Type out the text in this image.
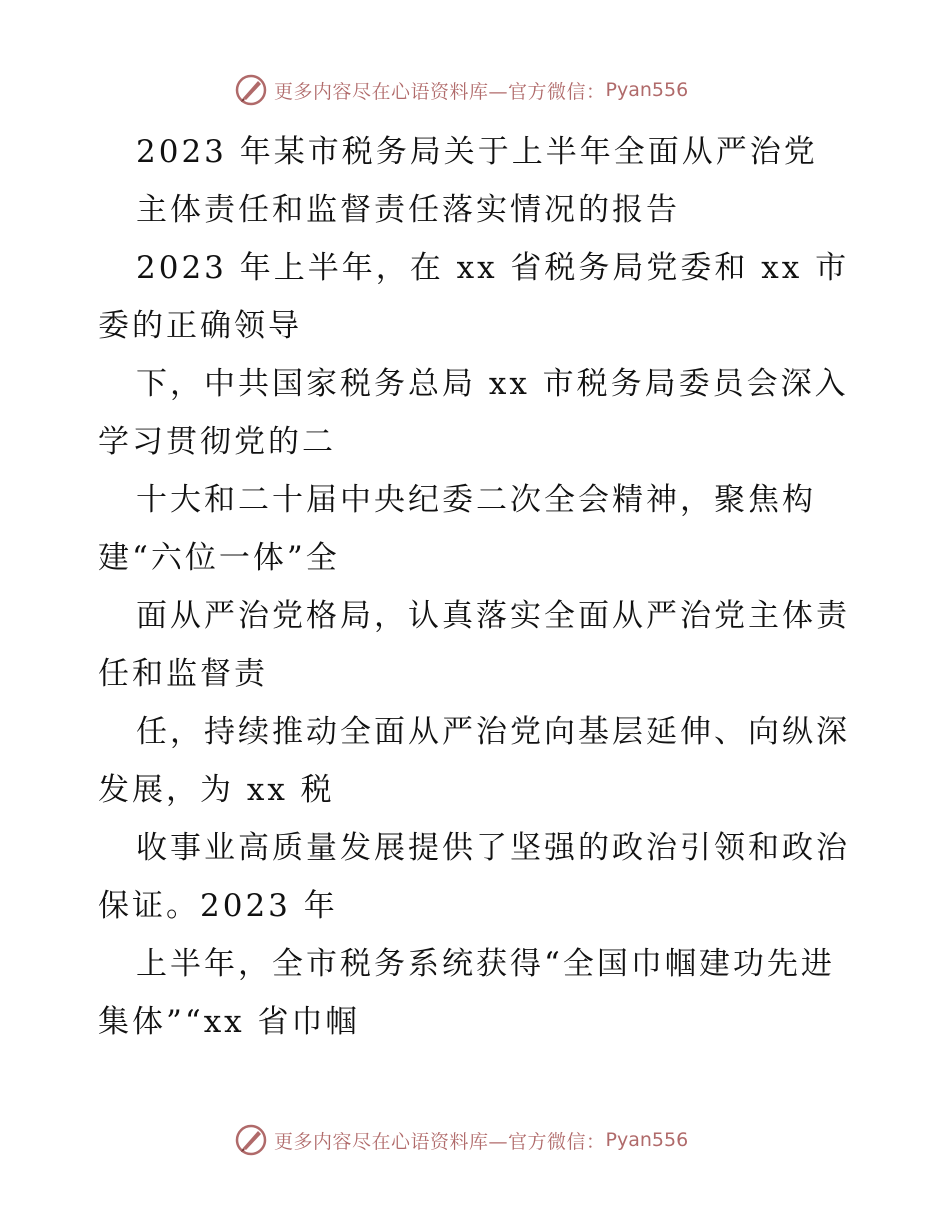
更多内容尽在心语资料库—官方微信： Pyan556
2023 年某市税务局关于上半年全面从严治党
主体责任和监督责任落实情况的报告
2023 年上半年，在 xx 省税务局党委和 xx 市
委的正确领导
下，中共国家税务总局 xx 市税务局委员会深入
学习贯彻党的二
十大和二十届中央纪委二次全会精神，聚焦构
建“六位一体”全
面从严治党格局，认真落实全面从严治党主体责
任和监督责
任，持续推动全面从严治党向基层延伸、向纵深
发展，为 xx 税
收事业高质量发展提供了坚强的政治引领和政治
保证。2023 年
上半年，全市税务系统获得“全国巾帼建功先进
集体”“xx 省巾帼
更多内容尽在心语资料库—官方微信： Pyan556
